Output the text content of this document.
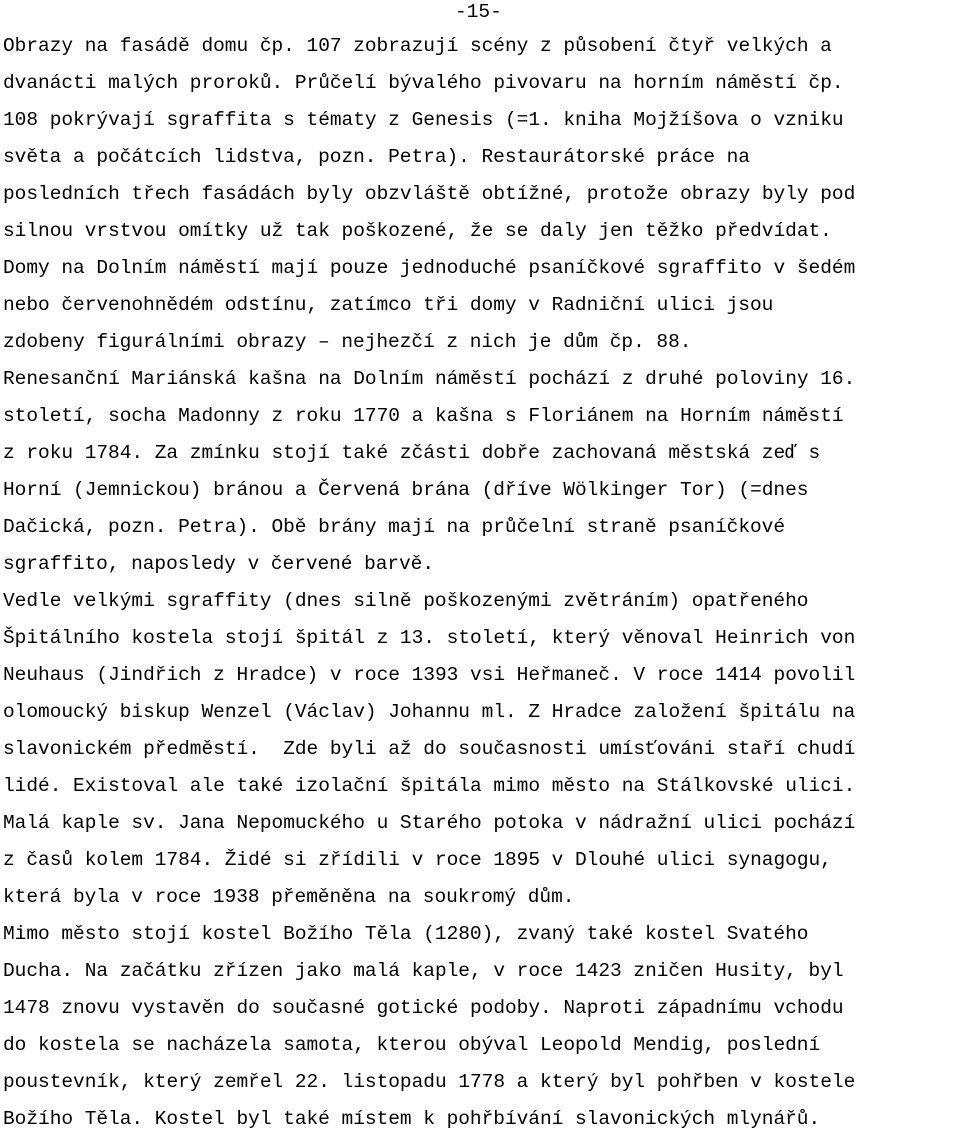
-15-
Obrazy na fasádě domu čp. 107 zobrazují scény z působení čtyř velkých a
dvanácti malých proroků. Průčelí bývalého pivovaru na horním náměstí čp.
108 pokrývají sgraffita s tématy z Genesis (=1. kniha Mojžíšova o vzniku
světa a počátcích lidstva, pozn. Petra). Restaurátorské práce na
posledních třech fasádách byly obzvláště obtížné, protože obrazy byly pod
silnou vrstvou omítky už tak poškozené, že se daly jen těžko předvídat.
Domy na Dolním náměstí mají pouze jednoduché psaníčkové sgraffito v šedém
nebo červenohnědém odstínu, zatímco tři domy v Radniční ulici jsou
zdobeny figurálními obrazy – nejhezčí z nich je dům čp. 88.
Renesanční Mariánská kašna na Dolním náměstí pochází z druhé poloviny 16.
století, socha Madonny z roku 1770 a kašna s Floriánem na Horním náměstí
z roku 1784. Za zmínku stojí také zčásti dobře zachovaná městská zeď s
Horní (Jemnickou) bránou a Červená brána (dříve Wölkinger Tor) (=dnes
Dačická, pozn. Petra). Obě brány mají na průčelní straně psaníčkové
sgraffito, naposledy v červené barvě.
Vedle velkými sgraffity (dnes silně poškozenými zvětráním) opatřeného
Špitálního kostela stojí špitál z 13. století, který věnoval Heinrich von
Neuhaus (Jindřich z Hradce) v roce 1393 vsi Heřmaneč. V roce 1414 povolil
olomoucký biskup Wenzel (Václav) Johannu ml. Z Hradce založení špitálu na
slavonickém předměstí.  Zde byli až do současnosti umísťováni staří chudí
lidé. Existoval ale také izolační špitála mimo město na Stálkovské ulici.
Malá kaple sv. Jana Nepomuckého u Starého potoka v nádražní ulici pochází
z časů kolem 1784. Židé si zřídili v roce 1895 v Dlouhé ulici synagogu,
která byla v roce 1938 přeměněna na soukromý dům.
Mimo město stojí kostel Božího Těla (1280), zvaný také kostel Svatého
Ducha. Na začátku zřízen jako malá kaple, v roce 1423 zničen Husity, byl
1478 znovu vystavěn do současné gotické podoby. Naproti západnímu vchodu
do kostela se nacházela samota, kterou obýval Leopold Mendig, poslední
poustevník, který zemřel 22. listopadu 1778 a který byl pohřben v kostele
Božího Těla. Kostel byl také místem k pohřbívání slavonických mlynářů.
